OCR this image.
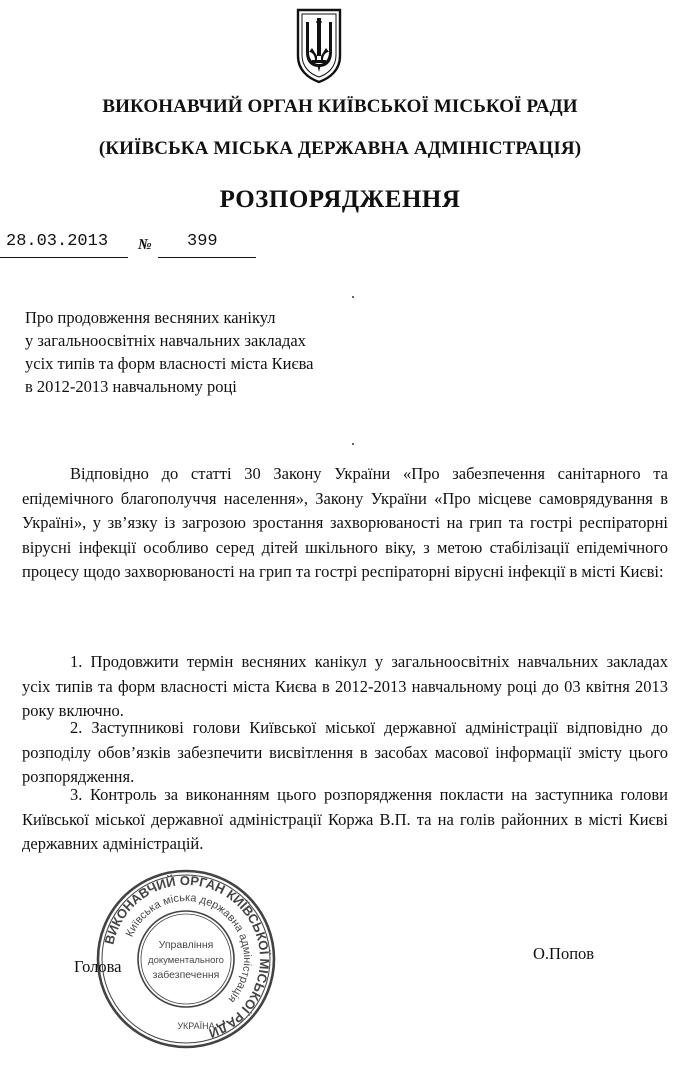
ВИКОНАВЧИЙ ОРГАН КИЇВСЬКОЇ МІСЬКОЇ РАДИ
(КИЇВСЬКА МІСЬКА ДЕРЖАВНА АДМІНІСТРАЦІЯ)
РОЗПОРЯДЖЕННЯ
28.03.2013 № 399
Про продовження весняних канікул
у загальноосвітніх навчальних закладах
усіх типів та форм власності міста Києва
в 2012-2013 навчальному році
Відповідно до статті 30 Закону України «Про забезпечення санітарного та епідемічного благополуччя населення», Закону України «Про місцеве самоврядування в Україні», у зв’язку із загрозою зростання захворюваності на грип та гострі респіраторні вірусні інфекції особливо серед дітей шкільного віку, з метою стабілізації епідемічного процесу щодо захворюваності на грип та гострі респіраторні вірусні інфекції в місті Києві:
1. Продовжити термін весняних канікул у загальноосвітніх навчальних закладах усіх типів та форм власності міста Києва в 2012-2013 навчальному році до 03 квітня 2013 року включно.
2. Заступникові голови Київської міської державної адміністрації відповідно до розподілу обов’язків забезпечити висвітлення в засобах масової інформації змісту цього розпорядження.
3. Контроль за виконанням цього розпорядження покласти на заступника голови Київської міської державної адміністрації Коржа В.П. та на голів районних в місті Києві державних адміністрацій.
Голова
О.Попов
ВИКОНАВЧИЙ ОРГАН КИЇВСЬКОЇ МІСЬКОЇ РАДИ
Київська міська державна адміністрація
Управління
документального
забезпечення
УКРАЇНА
